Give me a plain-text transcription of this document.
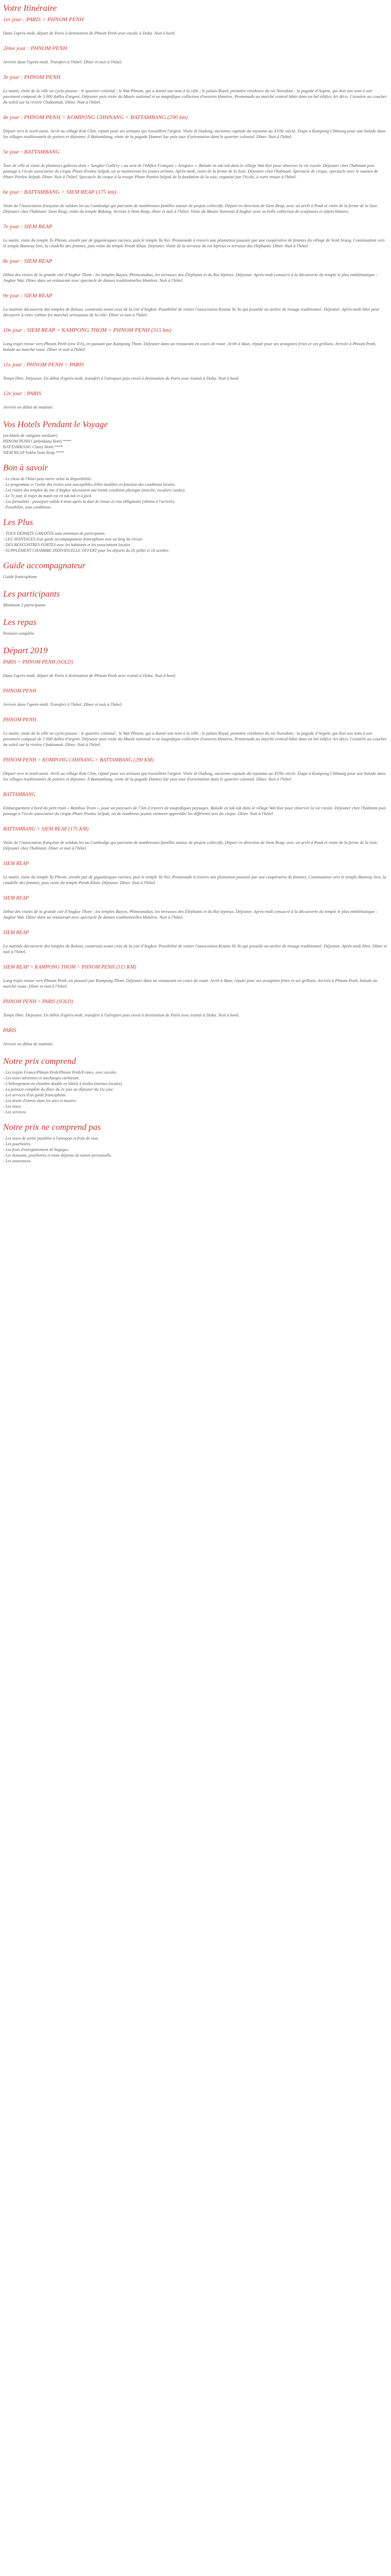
Votre Itinéraire

1er jour : PARIS > PHNOM PENH

Dans l'après-midi, départ de Paris à destination de Phnom Penh avec escale à Doha. Nuit à bord.

2ème jour : PHNOM PENH

Arrivée dans l'après-midi. Transfert à l'hôtel. Dîner et nuit à l'hôtel.

3e jour : PHNOM PENH

Le matin, visite de la ville en cyclo-pousse : le quartier colonial ; le Wat Phnom, qui a donné son nom à la ville ; le palais Royal, première résidence du roi Norodom ; la pagode d'Argent, qui doit son nom à son pavement composé de 5 000 dalles d'argent. Déjeuner puis visite du Musée national et sa magnifique collection d'oeuvres khmères. Promenade au marché central bâtie dans un bel édifice Art déco. Croisière au coucher du soleil sur la rivière Chaktomuk. Dîner. Nuit à l'hôtel.

4e jour : PHNOM PENH > KOMPONG CHHNANG > BATTAMBANG (290 km)

Départ vers le nord-ouest. Arrêt au village Kok Chin, réputé pour ses artisans qui travaillent l'argent. Visite di Oudong, ancienne capitale du royaume au XVIIe siècle. Étape à Kompong Chhnang pour une balade dans les villages traditionnels de potiers et déjeuner. À Battambang, visite de la pagode Damrei Sar puis tour d'orientation dans le quartier colonial. Dîner. Nuit à l'hôtel.

5e jour : BATTAMBANG

Tour de ville et visite de plusieurs galeries dont « Sangker Gallery » au sein de l'édifice Français « Artspace ». Balade en tuk-tuk dans le village Wat Kor pour observer la vie rurale. Déjeuner chez l'habitant puis passage à l'école associative du cirque Phare Ponleu Selpak, où se montreront les jeunes artistes. Après-midi, visite de la ferme de la Soie. Déjeuner chez l'habitant. Spectacle de cirque, spectacle avec le soutien de Phare Ponleu Selpak. Dîner. Nuit à l'hôtel. Spectacle de cirque à la troupe Phare Ponleu Selpak de la fondation de la soie, organisé par l'école, à votre retour à l'hôtel.

6e jour : BATTAMBANG > SIEM REAP (175 km)

Visite de l'Association française de soldats les au Cambodge qui parraine de nombreuses familles autour de projets collectifs. Départ en direction de Siem Reap, avec un arrêt à Pouk et visite de la ferme de la Soie. Déjeuner chez l'habitant. Siem Reap, visite du temple Bakong. Arrivée à Siem Reap, dîner et nuit à l'hôtel. Visite du Musée National d'Angkor avec sa belle collection de sculptures et objets khmers.

7e jour : SIEM REAP

Le matin, visite du temple Ta Phrom, envahi par de gigantesques racines, puis le temple Ta Nei. Promenade à travers une plantation poussée par une coopérative de femmes du village de Srah Srang. Continuation vers le temple Banteay Srei, la citadelle des femmes, puis visite du temple Preah Khan. Déjeuner. Visite de la terrasse du roi lépreux et terrasse des éléphants. Dîner. Nuit à l'hôtel.

8e jour : SIEM REAP

Début des visites de la grande cité d'Angkor Thom : les temples Bayon, Phimeanakas, les terrasses des Éléphants et du Roi lépreux. Déjeuner. Après-midi consacré à la découverte du temple le plus emblématique : Angkor Wat. Dîner dans un restaurant avec spectacle de danses traditionnelles khmères. Nuit à l'hôtel.

9e jour : SIEM REAP

La matinée découverte des temples de Roluos, construits avant ceux de la cité d'Angkor. Possibilité de visiter l'association Krama Yo Yo qui possède un atelier de tissage traditionnel. Déjeuner. Après-midi libre pour découvrir à votre rythme les marchés artisanaux de la ville. Dîner et nuit à l'hôtel.

10e jour : SIEM REAP > KAMPONG THOM > PHNOM PENH (315 km)

Long trajet retour vers Phnom Penh (env. 8 h), en passant par Kampong Thom. Déjeuner dans un restaurant en cours de route. Arrêt à Skun, réputé pour ses araignées frites et ses grillons. Arrivée à Phnom Penh, balade au marché russe. Dîner et nuit à l'hôtel.

11e jour : PHNOM PENH > PARIS

Temps libre. Déjeuner. En début d'après-midi, transfert à l'aéroport puis envol à destination de Paris avec transit à Doha. Nuit à bord.

12e jour : PARIS

Arrivée en début de matinée.

Vos Hotels Pendant le Voyage
(ou hôtels de catégorie similaire)
PHNOM PENH Cambodiana Hotel ****
BATTAMBANG Classy Hotel ****
SIEM REAP Sokha Siem Reap ****
Bon à savoir
- Le choix de l'hôtel peut varier selon la disponibilité.
- Le programme et l'ordre des visites sont susceptibles d'être modifiés en fonction des conditions locales.
- Les visites des temples du site d'Angkor nécessitent une bonne condition physique (marche, escaliers raides).
- Le 7e jour, le trajet du matin est en tuk-tuk et à pied.
- Les formalités : passeport valide 6 mois après la date de retour et visa obligatoire (obtenu à l'arrivée).
- Possibilité, sous conditions.
Les Plus
- TOUS DÉPARTS GARANTIS sans minimum de participants.
- LES AVANTAGES d'un guide accompagnateur francophone tout au long du circuit.
- DES RENCONTRES FORTES avec les habitants et les associations locales.
- SUPPLÉMENT CHAMBRE INDIVIDUELLE OFFERT pour les départs du 26 juillet et 18 octobre.
Guide accompagnateur

Guide francophone

Les participants

Minimum 2 participants

Les repas

Pension complète

Départ 2019

PARIS > PHNOM PENH (SOLD)

Dans l'après-midi, départ de Paris à destination de Phnom Penh avec transit à Doha. Nuit à bord.

PHNOM PENH

Arrivée dans l'après-midi. Transfert à l'hôtel. Dîner et nuit à l'hôtel.

PHNOM PENH

Le matin, visite de la ville en cyclo-pousse : le quartier colonial ; le Wat Phnom, qui a donné son nom à la ville ; le palais Royal, première résidence du roi Norodom ; la pagode d'Argent, qui doit son nom à son pavement composé de 5 000 dalles d'argent. Déjeuner puis visite du Musée national et sa magnifique collection d'oeuvres khmères. Promenade au marché central bâtie dans un bel édifice Art déco. Croisière au coucher du soleil sur la rivière Chaktomuk. Dîner. Nuit à l'hôtel.

PHNOM PENH > KOMPONG CHHNANG > BATTAMBANG (290 KM)

Départ vers le nord-ouest. Arrêt au village Kok Chin, réputé pour ses artisans qui travaillent l'argent. Visite di Oudong, ancienne capitale du royaume au XVIIe siècle. Étape à Kompong Chhnang pour une balade dans les villages traditionnels de potiers et déjeuner. À Battambang, visite de la pagode Damrei Sar puis tour d'orientation dans le quartier colonial. Dîner. Nuit à l'hôtel.

BATTAMBANG

Embarquement à bord du petit train « Bamboo Train », pour un parcours de 7 km à travers de magnifiques paysages. Balade en tuk-tuk dans le village Wat Kor pour observer la vie rurale. Déjeuner chez l'habitant puis passage à l'école associative du cirque Phare Ponleu Selpak, où de nombreux jeunes viennent apprendre les différents arts du cirque. Dîner. Nuit à l'hôtel.

BATTAMBANG > SIEM REAP (175 KM)

Visite de l'Association française de soldats les au Cambodge qui parraine de nombreuses familles autour de projets collectifs. Départ en direction de Siem Reap, avec un arrêt à Pouk et visite de la ferme de la Soie. Déjeuner chez l'habitant. Dîner et nuit à l'hôtel.

SIEM REAP

Le matin, visite du temple Ta Phrom, envahi par de gigantesques racines, puis le temple Ta Nei. Promenade à travers une plantation poussée par une coopérative de femmes. Continuation vers le temple Banteay Srei, la citadelle des femmes, puis visite du temple Preah Khan. Déjeuner. Dîner. Nuit à l'hôtel.

SIEM REAP

Début des visites de la grande cité d'Angkor Thom : les temples Bayon, Phimeanakas, les terrasses des Éléphants et du Roi lépreux. Déjeuner. Après-midi consacré à la découverte du temple le plus emblématique : Angkor Wat. Dîner dans un restaurant avec spectacle de danses traditionnelles khmères. Nuit à l'hôtel.

SIEM REAP

La matinée découverte des temples de Roluos, construits avant ceux de la cité d'Angkor. Possibilité de visiter l'association Krama Yo Yo qui possède un atelier de tissage traditionnel. Déjeuner. Après-midi libre. Dîner et nuit à l'hôtel.

SIEM REAP > KAMPONG THOM > PHNOM PENH (315 KM)

Long trajet retour vers Phnom Penh, en passant par Kampong Thom. Déjeuner dans un restaurant en cours de route. Arrêt à Skun, réputé pour ses araignées frites et ses grillons. Arrivée à Phnom Penh, balade au marché russe. Dîner et nuit à l'hôtel.

PHNOM PENH > PARIS (SOLD)

Temps libre. Déjeuner. En début d'après-midi, transfert à l'aéroport puis envol à destination de Paris avec transit à Doha. Nuit à bord.

PARIS

Arrivée en début de matinée.

Notre prix comprend
- Les trajets France/Phnom Penh/Phnom Penh/France, avec escales.
- Les taxes aériennes et surcharges carburant.
- L'hébergement en chambre double en hôtels 4 étoiles (normes locales).
- La pension complète du dîner du 2e jour au déjeuner du 11e jour.
- Les services d'un guide francophone.
- Les droits d'entrée dans les sites et musées.
- Les taxes.
- Les services.
Notre prix ne comprend pas
- Les taxes de sortie payables à l'aéroport et frais de visa.
- Les pourboires.
- Les frais d'enregistrement de bagages.
- Les boissons, pourboires et toute dépense de nature personnelle.
- Les assurances.
